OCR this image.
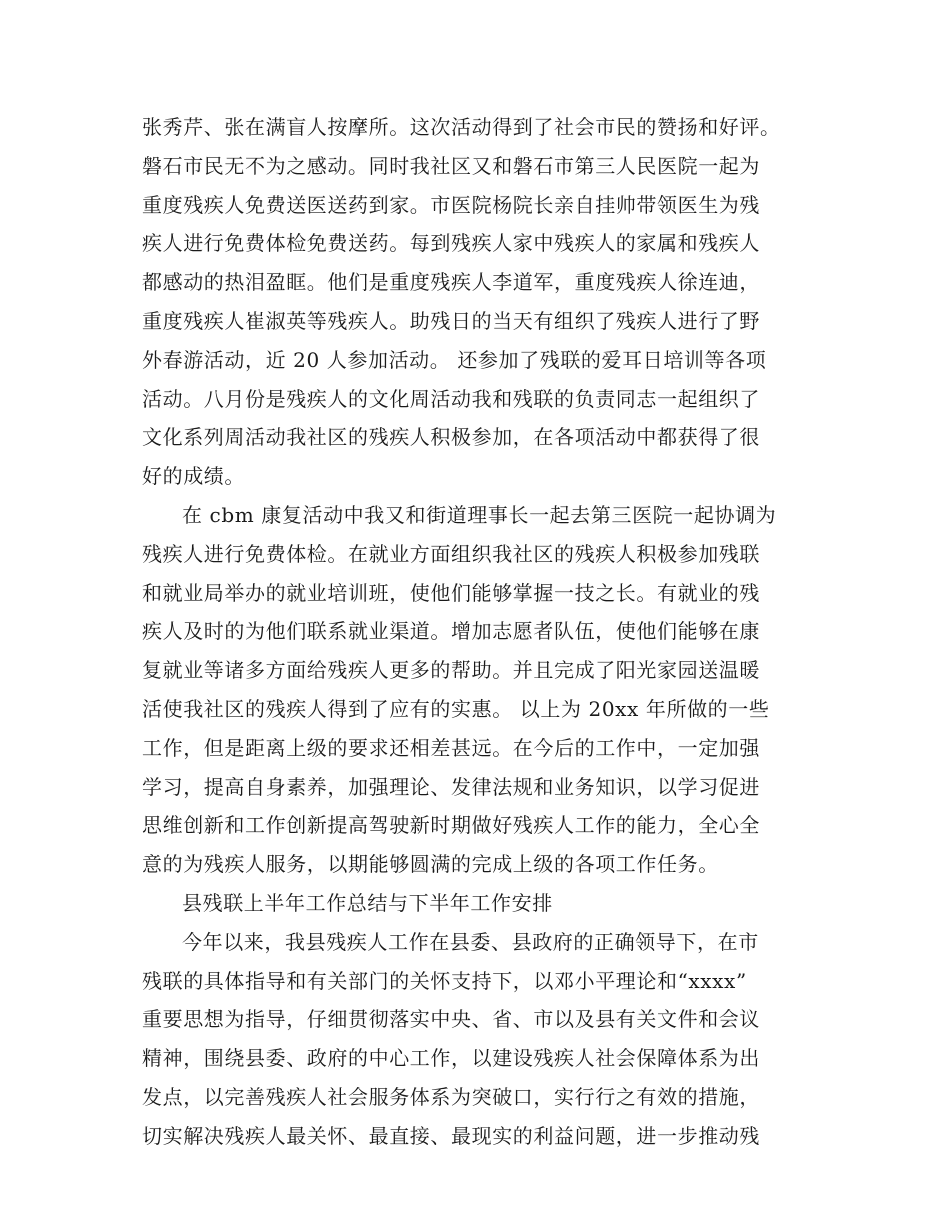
张秀芹、张在满盲人按摩所。这次活动得到了社会市民的赞扬和好评。
磐石市民无不为之感动。同时我社区又和磐石市第三人民医院一起为
重度残疾人免费送医送药到家。市医院杨院长亲自挂帅带领医生为残
疾人进行免费体检免费送药。每到残疾人家中残疾人的家属和残疾人
都感动的热泪盈眶。他们是重度残疾人李道军，重度残疾人徐连迪，
重度残疾人崔淑英等残疾人。助残日的当天有组织了残疾人进行了野
外春游活动，近 20 人参加活动。 还参加了残联的爱耳日培训等各项
活动。八月份是残疾人的文化周活动我和残联的负责同志一起组织了
文化系列周活动我社区的残疾人积极参加，在各项活动中都获得了很
好的成绩。
在 cbm 康复活动中我又和街道理事长一起去第三医院一起协调为
残疾人进行免费体检。在就业方面组织我社区的残疾人积极参加残联
和就业局举办的就业培训班，使他们能够掌握一技之长。有就业的残
疾人及时的为他们联系就业渠道。增加志愿者队伍，使他们能够在康
复就业等诸多方面给残疾人更多的帮助。并且完成了阳光家园送温暖
活使我社区的残疾人得到了应有的实惠。 以上为 20xx 年所做的一些
工作，但是距离上级的要求还相差甚远。在今后的工作中，一定加强
学习，提高自身素养，加强理论、发律法规和业务知识，以学习促进
思维创新和工作创新提高驾驶新时期做好残疾人工作的能力，全心全
意的为残疾人服务，以期能够圆满的完成上级的各项工作任务。
县残联上半年工作总结与下半年工作安排
今年以来，我县残疾人工作在县委、县政府的正确领导下，在市
残联的具体指导和有关部门的关怀支持下，以邓小平理论和“xxxx”
重要思想为指导，仔细贯彻落实中央、省、市以及县有关文件和会议
精神，围绕县委、政府的中心工作，以建设残疾人社会保障体系为出
发点，以完善残疾人社会服务体系为突破口，实行行之有效的措施，
切实解决残疾人最关怀、最直接、最现实的利益问题，进一步推动残
